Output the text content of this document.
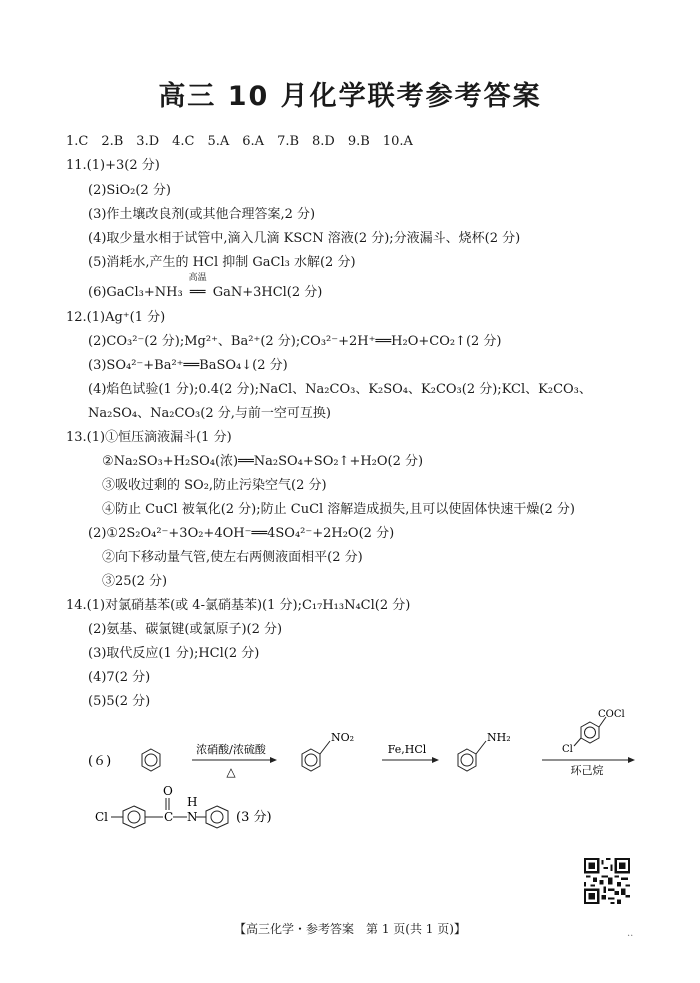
高三 10 月化学联考参考答案
1.C　2.B　3.D　4.C　5.A　6.A　7.B　8.D　9.B　10.A
11.(1)+3(2 分)
(2)SiO₂(2 分)
(3)作土壤改良剂(或其他合理答案,2 分)
(4)取少量水相于试管中,滴入几滴 KSCN 溶液(2 分);分液漏斗、烧杯(2 分)
(5)消耗水,产生的 HCl 抑制 GaCl₃ 水解(2 分)
(6)GaCl₃+NH₃
高温
══ GaN+3HCl(2 分)
12.(1)Ag⁺(1 分)
(2)CO₃²⁻(2 分);Mg²⁺、Ba²⁺(2 分);CO₃²⁻+2H⁺══H₂O+CO₂↑(2 分)
(3)SO₄²⁻+Ba²⁺══BaSO₄↓(2 分)
(4)焰色试验(1 分);0.4(2 分);NaCl、Na₂CO₃、K₂SO₄、K₂CO₃(2 分);KCl、K₂CO₃、
Na₂SO₄、Na₂CO₃(2 分,与前一空可互换)
13.(1)①恒压滴液漏斗(1 分)
②Na₂SO₃+H₂SO₄(浓)══Na₂SO₄+SO₂↑+H₂O(2 分)
③吸收过剩的 SO₂,防止污染空气(2 分)
④防止 CuCl 被氧化(2 分);防止 CuCl 溶解造成损失,且可以使固体快速干燥(2 分)
(2)①2S₂O₄²⁻+3O₂+4OH⁻══4SO₄²⁻+2H₂O(2 分)
②向下移动量气管,使左右两侧液面相平(2 分)
③25(2 分)
14.(1)对氯硝基苯(或 4-氯硝基苯)(1 分);C₁₇H₁₃N₄Cl(2 分)
(2)氨基、碳氯键(或氯原子)(2 分)
(3)取代反应(1 分);HCl(2 分)
(4)7(2 分)
(5)5(2 分)
(６)
浓硝酸/浓硫酸
△
NO₂
Fe,HCl
NH₂
COCl
Cl
环己烷
Cl
O
C
H
N	(3 分)
【高三化学・参考答案　第 1 页(共 1 页)】	..
